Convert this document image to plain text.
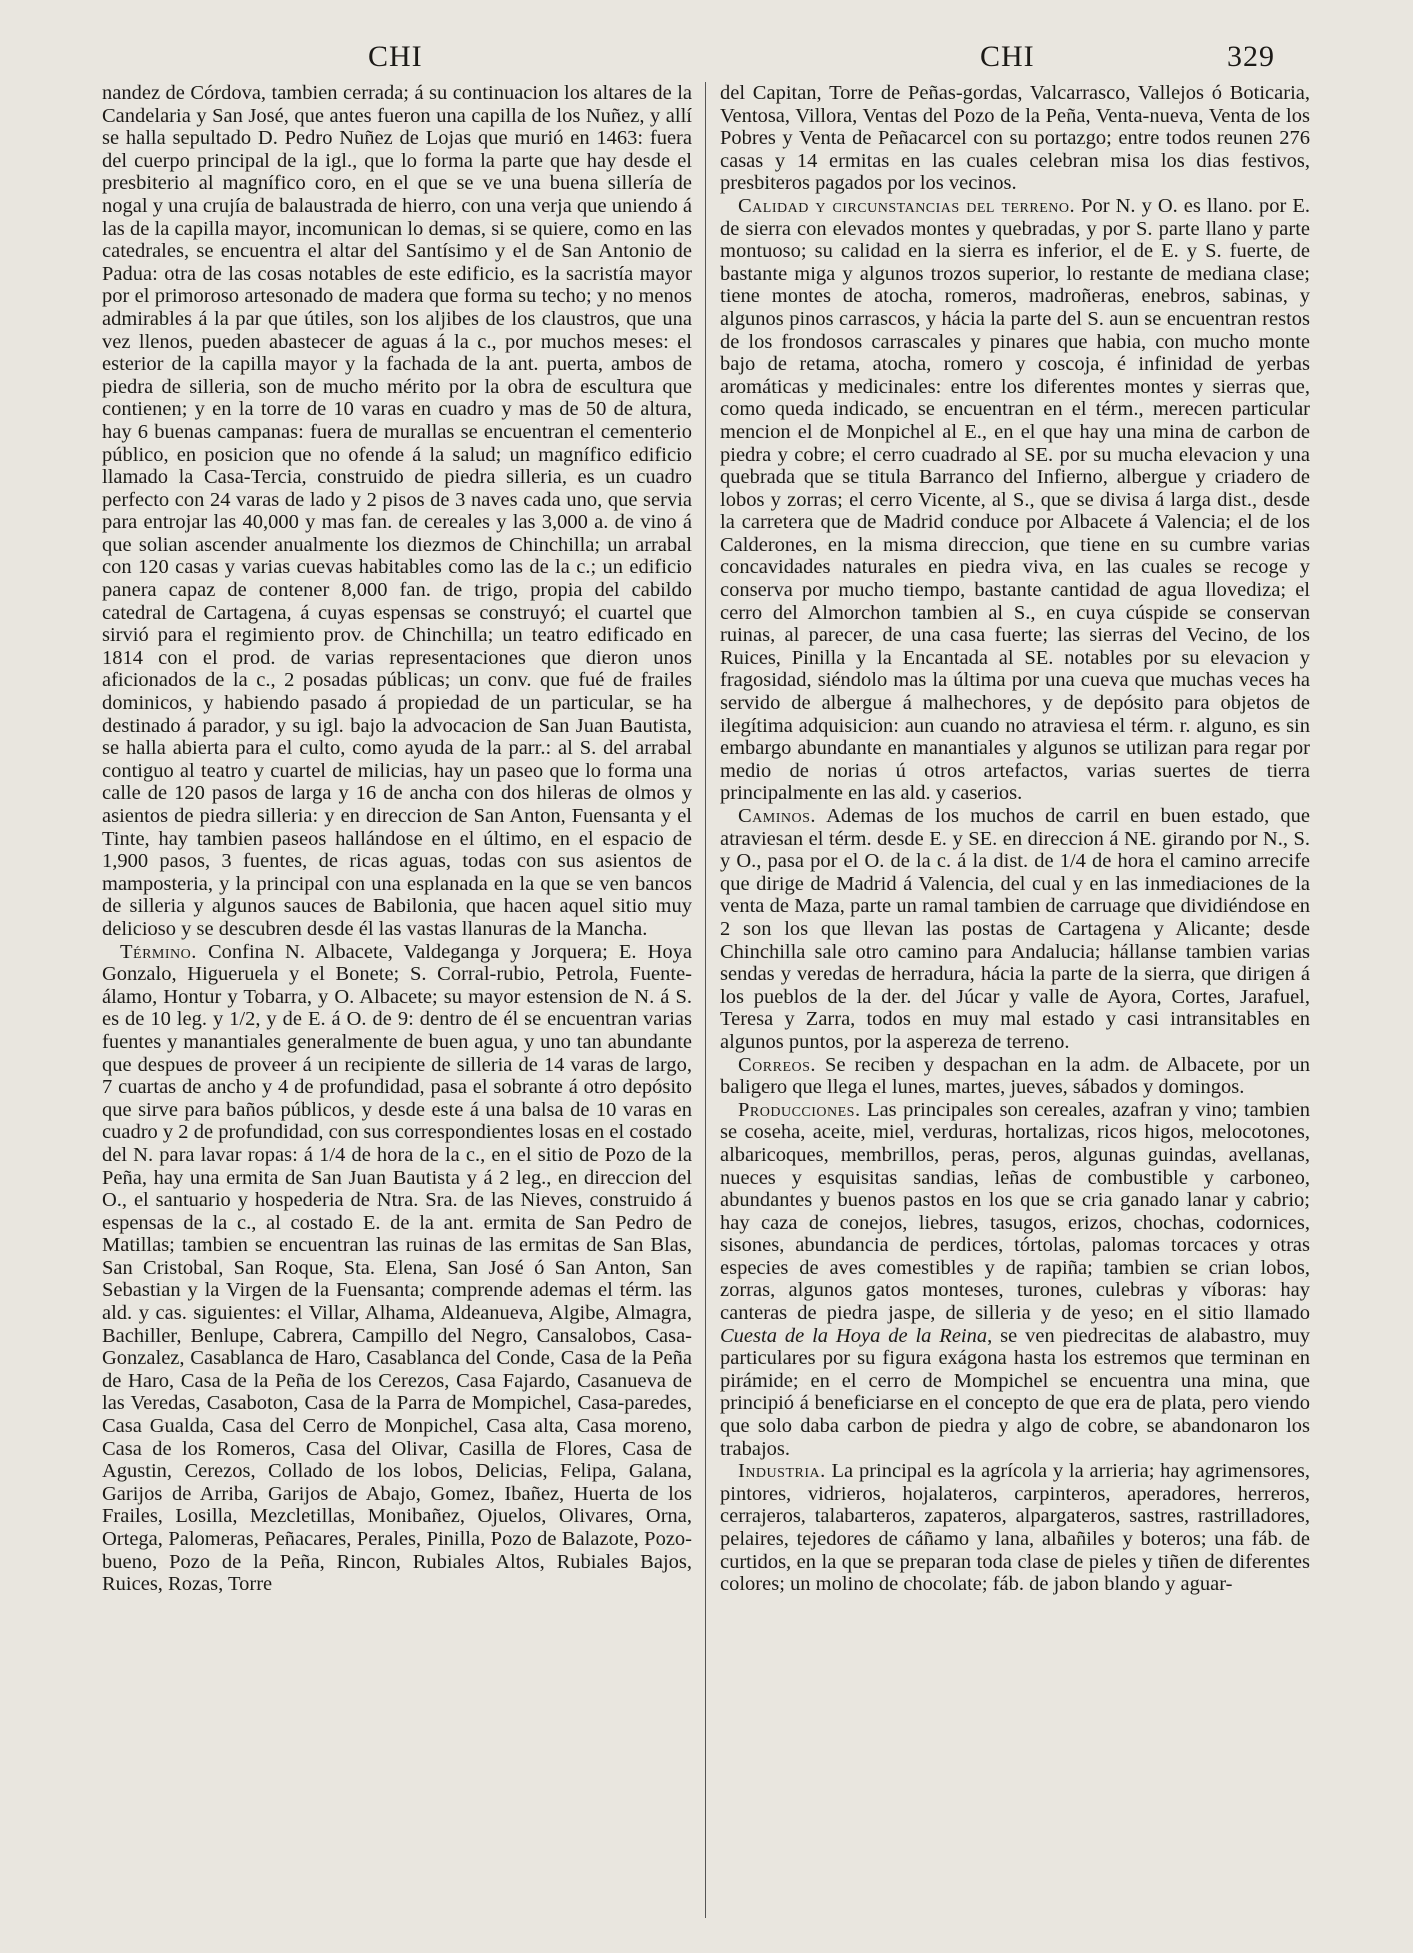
CHI	CHI	329

nandez de Córdova, tambien cerrada; á su continuacion los altares de la Candelaria y San José, que antes fueron una capilla de los Nuñez, y allí se halla sepultado D. Pedro Nuñez de Lojas que murió en 1463: fuera del cuerpo principal de la igl., que lo forma la parte que hay desde el presbiterio al magnífico coro, en el que se ve una buena sillería de nogal y una crujía de balaustrada de hierro, con una verja que uniendo á las de la capilla mayor, incomunican lo demas, si se quiere, como en las catedrales, se encuentra el altar del Santísimo y el de San Antonio de Padua: otra de las cosas notables de este edificio, es la sacristía mayor por el primoroso artesonado de madera que forma su techo; y no menos admirables á la par que útiles, son los aljibes de los claustros, que una vez llenos, pueden abastecer de aguas á la c., por muchos meses: el esterior de la capilla mayor y la fachada de la ant. puerta, ambos de piedra de silleria, son de mucho mérito por la obra de escultura que contienen; y en la torre de 10 varas en cuadro y mas de 50 de altura, hay 6 buenas campanas: fuera de murallas se encuentran el cementerio público, en posicion que no ofende á la salud; un magnífico edificio llamado la Casa-Tercia, construido de piedra silleria, es un cuadro perfecto con 24 varas de lado y 2 pisos de 3 naves cada uno, que servia para entrojar las 40,000 y mas fan. de cereales y las 3,000 a. de vino á que solian ascender anualmente los diezmos de Chinchilla; un arrabal con 120 casas y varias cuevas habitables como las de la c.; un edificio panera capaz de contener 8,000 fan. de trigo, propia del cabildo catedral de Cartagena, á cuyas espensas se construyó; el cuartel que sirvió para el regimiento prov. de Chinchilla; un teatro edificado en 1814 con el prod. de varias representaciones que dieron unos aficionados de la c., 2 posadas públicas; un conv. que fué de frailes dominicos, y habiendo pasado á propiedad de un particular, se ha destinado á parador, y su igl. bajo la advocacion de San Juan Bautista, se halla abierta para el culto, como ayuda de la parr.: al S. del arrabal contiguo al teatro y cuartel de milicias, hay un paseo que lo forma una calle de 120 pasos de larga y 16 de ancha con dos hileras de olmos y asientos de piedra silleria: y en direccion de San Anton, Fuensanta y el Tinte, hay tambien paseos hallándose en el último, en el espacio de 1,900 pasos, 3 fuentes, de ricas aguas, todas con sus asientos de mamposteria, y la principal con una esplanada en la que se ven bancos de silleria y algunos sauces de Babilonia, que hacen aquel sitio muy delicioso y se descubren desde él las vastas llanuras de la Mancha.

Término. Confina N. Albacete, Valdeganga y Jorquera; E. Hoya Gonzalo, Higueruela y el Bonete; S. Corral-rubio, Petrola, Fuente-álamo, Hontur y Tobarra, y O. Albacete; su mayor estension de N. á S. es de 10 leg. y 1/2, y de E. á O. de 9: dentro de él se encuentran varias fuentes y manantiales generalmente de buen agua, y uno tan abundante que despues de proveer á un recipiente de silleria de 14 varas de largo, 7 cuartas de ancho y 4 de profundidad, pasa el sobrante á otro depósito que sirve para baños públicos, y desde este á una balsa de 10 varas en cuadro y 2 de profundidad, con sus correspondientes losas en el costado del N. para lavar ropas: á 1/4 de hora de la c., en el sitio de Pozo de la Peña, hay una ermita de San Juan Bautista y á 2 leg., en direccion del O., el santuario y hospederia de Ntra. Sra. de las Nieves, construido á espensas de la c., al costado E. de la ant. ermita de San Pedro de Matillas; tambien se encuentran las ruinas de las ermitas de San Blas, San Cristobal, San Roque, Sta. Elena, San José ó San Anton, San Sebastian y la Virgen de la Fuensanta; comprende ademas el térm. las ald. y cas. siguientes: el Villar, Alhama, Aldeanueva, Algibe, Almagra, Bachiller, Benlupe, Cabrera, Campillo del Negro, Cansalobos, Casa-Gonzalez, Casablanca de Haro, Casablanca del Conde, Casa de la Peña de Haro, Casa de la Peña de los Cerezos, Casa Fajardo, Casanueva de las Veredas, Casaboton, Casa de la Parra de Mompichel, Casa-paredes, Casa Gualda, Casa del Cerro de Monpichel, Casa alta, Casa moreno, Casa de los Romeros, Casa del Olivar, Casilla de Flores, Casa de Agustin, Cerezos, Collado de los lobos, Delicias, Felipa, Galana, Garijos de Arriba, Garijos de Abajo, Gomez, Ibañez, Huerta de los Frailes, Losilla, Mezcletillas, Monibañez, Ojuelos, Olivares, Orna, Ortega, Palomeras, Peñacares, Perales, Pinilla, Pozo de Balazote, Pozo-bueno, Pozo de la Peña, Rincon, Rubiales Altos, Rubiales Bajos, Ruices, Rozas, Torre

del Capitan, Torre de Peñas-gordas, Valcarrasco, Vallejos ó Boticaria, Ventosa, Villora, Ventas del Pozo de la Peña, Venta-nueva, Venta de los Pobres y Venta de Peñacarcel con su portazgo; entre todos reunen 276 casas y 14 ermitas en las cuales celebran misa los dias festivos, presbiteros pagados por los vecinos.

Calidad y circunstancias del terreno. Por N. y O. es llano. por E. de sierra con elevados montes y quebradas, y por S. parte llano y parte montuoso; su calidad en la sierra es inferior, el de E. y S. fuerte, de bastante miga y algunos trozos superior, lo restante de mediana clase; tiene montes de atocha, romeros, madroñeras, enebros, sabinas, y algunos pinos carrascos, y hácia la parte del S. aun se encuentran restos de los frondosos carrascales y pinares que habia, con mucho monte bajo de retama, atocha, romero y coscoja, é infinidad de yerbas aromáticas y medicinales: entre los diferentes montes y sierras que, como queda indicado, se encuentran en el térm., merecen particular mencion el de Monpichel al E., en el que hay una mina de carbon de piedra y cobre; el cerro cuadrado al SE. por su mucha elevacion y una quebrada que se titula Barranco del Infierno, albergue y criadero de lobos y zorras; el cerro Vicente, al S., que se divisa á larga dist., desde la carretera que de Madrid conduce por Albacete á Valencia; el de los Calderones, en la misma direccion, que tiene en su cumbre varias concavidades naturales en piedra viva, en las cuales se recoge y conserva por mucho tiempo, bastante cantidad de agua llovediza; el cerro del Almorchon tambien al S., en cuya cúspide se conservan ruinas, al parecer, de una casa fuerte; las sierras del Vecino, de los Ruices, Pinilla y la Encantada al SE. notables por su elevacion y fragosidad, siéndolo mas la última por una cueva que muchas veces ha servido de albergue á malhechores, y de depósito para objetos de ilegítima adquisicion: aun cuando no atraviesa el térm. r. alguno, es sin embargo abundante en manantiales y algunos se utilizan para regar por medio de norias ú otros artefactos, varias suertes de tierra principalmente en las ald. y caserios.

Caminos. Ademas de los muchos de carril en buen estado, que atraviesan el térm. desde E. y SE. en direccion á NE. girando por N., S. y O., pasa por el O. de la c. á la dist. de 1/4 de hora el camino arrecife que dirige de Madrid á Valencia, del cual y en las inmediaciones de la venta de Maza, parte un ramal tambien de carruage que dividiéndose en 2 son los que llevan las postas de Cartagena y Alicante; desde Chinchilla sale otro camino para Andalucia; hállanse tambien varias sendas y veredas de herradura, hácia la parte de la sierra, que dirigen á los pueblos de la der. del Júcar y valle de Ayora, Cortes, Jarafuel, Teresa y Zarra, todos en muy mal estado y casi intransitables en algunos puntos, por la aspereza de terreno.

Correos. Se reciben y despachan en la adm. de Albacete, por un baligero que llega el lunes, martes, jueves, sábados y domingos.

Producciones. Las principales son cereales, azafran y vino; tambien se coseha, aceite, miel, verduras, hortalizas, ricos higos, melocotones, albaricoques, membrillos, peras, peros, algunas guindas, avellanas, nueces y esquisitas sandias, leñas de combustible y carboneo, abundantes y buenos pastos en los que se cria ganado lanar y cabrio; hay caza de conejos, liebres, tasugos, erizos, chochas, codornices, sisones, abundancia de perdices, tórtolas, palomas torcaces y otras especies de aves comestibles y de rapiña; tambien se crian lobos, zorras, algunos gatos monteses, turones, culebras y víboras: hay canteras de piedra jaspe, de silleria y de yeso; en el sitio llamado Cuesta de la Hoya de la Reina, se ven piedrecitas de alabastro, muy particulares por su figura exágona hasta los estremos que terminan en pirámide; en el cerro de Mompichel se encuentra una mina, que principió á beneficiarse en el concepto de que era de plata, pero viendo que solo daba carbon de piedra y algo de cobre, se abandonaron los trabajos.

Industria. La principal es la agrícola y la arrieria; hay agrimensores, pintores, vidrieros, hojalateros, carpinteros, aperadores, herreros, cerrajeros, talabarteros, zapateros, alpargateros, sastres, rastrilladores, pelaires, tejedores de cáñamo y lana, albañiles y boteros; una fáb. de curtidos, en la que se preparan toda clase de pieles y tiñen de diferentes colores; un molino de chocolate; fáb. de jabon blando y aguar-
